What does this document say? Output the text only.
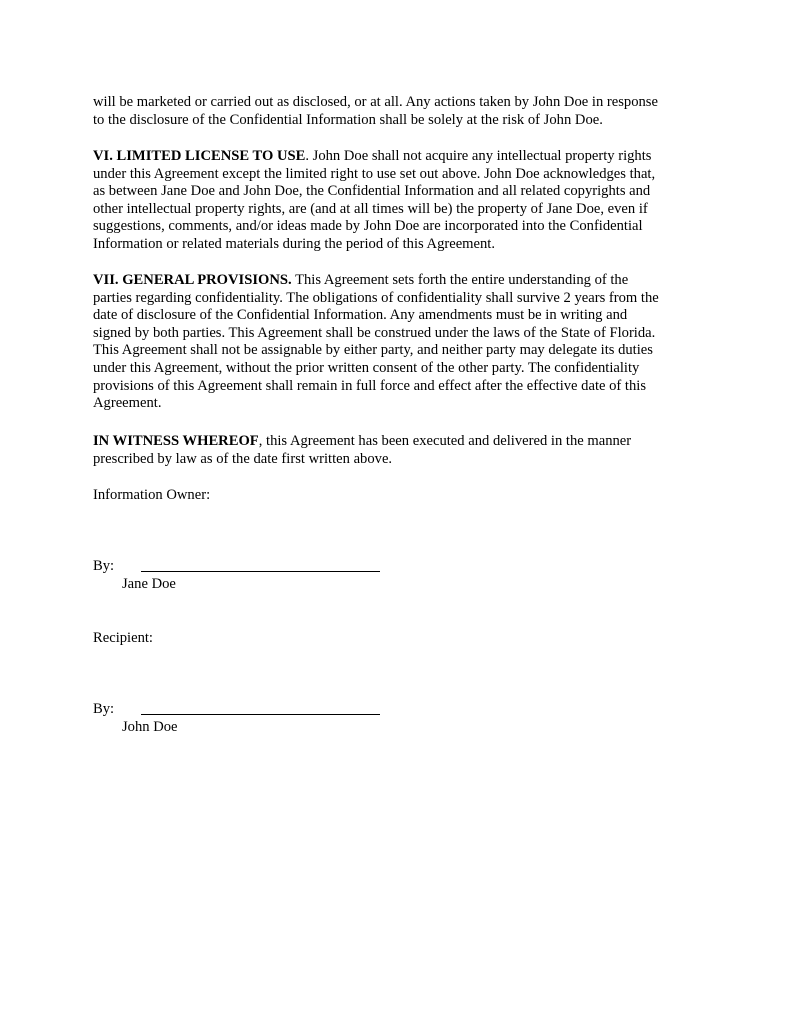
will be marketed or carried out as disclosed, or at all. Any actions taken by John Doe in response
to the disclosure of the Confidential Information shall be solely at the risk of John Doe.
VI. LIMITED LICENSE TO USE. John Doe shall not acquire any intellectual property rights
under this Agreement except the limited right to use set out above. John Doe acknowledges that,
as between Jane Doe and John Doe, the Confidential Information and all related copyrights and
other intellectual property rights, are (and at all times will be) the property of Jane Doe, even if
suggestions, comments, and/or ideas made by John Doe are incorporated into the Confidential
Information or related materials during the period of this Agreement.
VII. GENERAL PROVISIONS. This Agreement sets forth the entire understanding of the
parties regarding confidentiality. The obligations of confidentiality shall survive 2 years from the
date of disclosure of the Confidential Information. Any amendments must be in writing and
signed by both parties. This Agreement shall be construed under the laws of the State of Florida.
This Agreement shall not be assignable by either party, and neither party may delegate its duties
under this Agreement, without the prior written consent of the other party. The confidentiality
provisions of this Agreement shall remain in full force and effect after the effective date of this
Agreement.
IN WITNESS WHEREOF, this Agreement has been executed and delivered in the manner
prescribed by law as of the date first written above.
Information Owner:
By:
Jane Doe
Recipient:
By:
John Doe
